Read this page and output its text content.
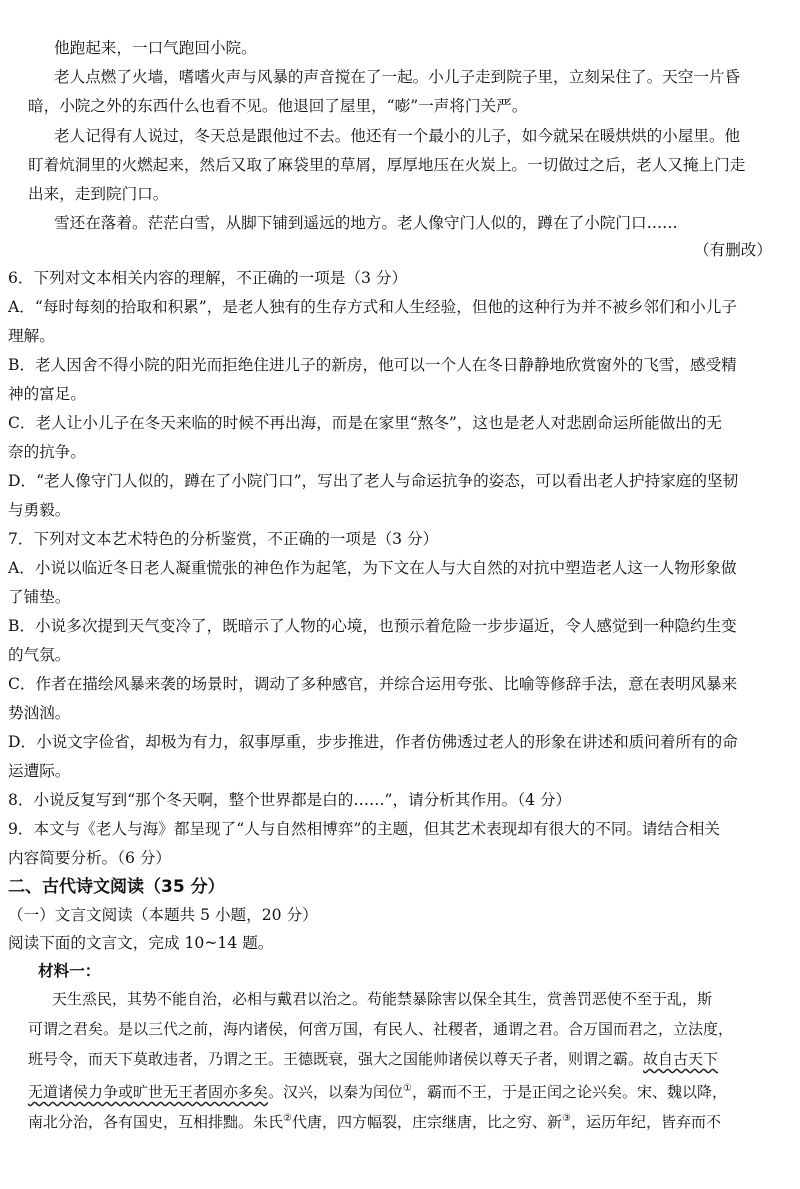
他跑起来，一口气跑回小院。
老人点燃了火墙，嗜嗜火声与风暴的声音搅在了一起。小儿子走到院子里，立刻呆住了。天空一片昏
暗，小院之外的东西什么也看不见。他退回了屋里，“嘭”一声将门关严。
老人记得有人说过，冬天总是跟他过不去。他还有一个最小的儿子，如今就呆在暖烘烘的小屋里。他
盯着炕洞里的火燃起来，然后又取了麻袋里的草屑，厚厚地压在火炭上。一切做过之后，老人又掩上门走
出来，走到院门口。
雪还在落着。茫茫白雪，从脚下铺到遥远的地方。老人像守门人似的，蹲在了小院门口……
（有删改）
6．下列对文本相关内容的理解，不正确的一项是（3 分）
A．“每时每刻的拾取和积累”，是老人独有的生存方式和人生经验，但他的这种行为并不被乡邻们和小儿子
理解。
B．老人因舍不得小院的阳光而拒绝住进儿子的新房，他可以一个人在冬日静静地欣赏窗外的飞雪，感受精
神的富足。
C．老人让小儿子在冬天来临的时候不再出海，而是在家里“熬冬”，这也是老人对悲剧命运所能做出的无
奈的抗争。
D．“老人像守门人似的，蹲在了小院门口”，写出了老人与命运抗争的姿态，可以看出老人护持家庭的坚韧
与勇毅。
7．下列对文本艺术特色的分析鉴赏，不正确的一项是（3 分）
A．小说以临近冬日老人凝重慌张的神色作为起笔，为下文在人与大自然的对抗中塑造老人这一人物形象做
了铺垫。
B．小说多次提到天气变冷了，既暗示了人物的心境，也预示着危险一步步逼近，令人感觉到一种隐约生变
的气氛。
C．作者在描绘风暴来袭的场景时，调动了多种感官，并综合运用夸张、比喻等修辞手法，意在表明风暴来
势汹汹。
D．小说文字俭省，却极为有力，叙事厚重，步步推进，作者仿佛透过老人的形象在讲述和质问着所有的命
运遭际。
8．小说反复写到“那个冬天啊，整个世界都是白的……”，请分析其作用。（4 分）
9．本文与《老人与海》都呈现了“人与自然相博弈”的主题，但其艺术表现却有很大的不同。请结合相关
内容简要分析。（6 分）
二、古代诗文阅读（35 分）
（一）文言文阅读（本题共 5 小题，20 分）
阅读下面的文言文，完成 10~14 题。
材料一：
天生烝民，其势不能自治，必相与戴君以治之。苟能禁暴除害以保全其生，赏善罚恶使不至于乱，斯
可谓之君矣。是以三代之前，海内诸侯，何啻万国，有民人、社稷者，通谓之君。合万国而君之，立法度，
班号令，而天下莫敢违者，乃谓之王。王德既衰，强大之国能帅诸侯以尊天子者，则谓之霸。故自古天下
无道诸侯力争或旷世无王者固亦多矣。汉兴，以秦为闰位①，霸而不王，于是正闰之论兴矣。宋、魏以降，
南北分治，各有国史，互相排黜。朱氏②代唐，四方幅裂，庄宗继唐，比之穷、新③，运历年纪，皆弃而不
